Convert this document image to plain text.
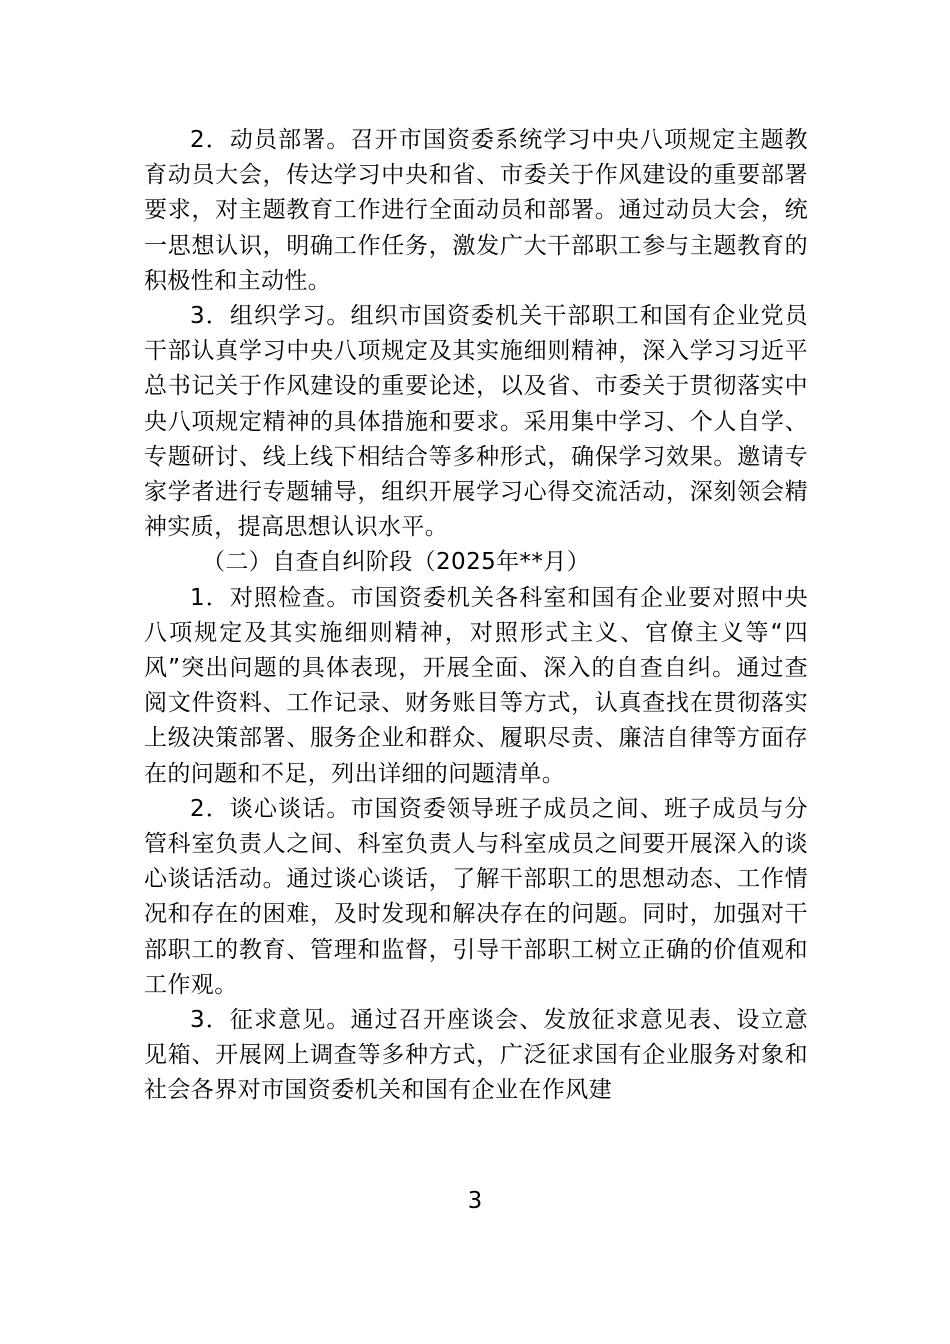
2．动员部署。召开市国资委系统学习中央八项规定主题教育动员大会，传达学习中央和省、市委关于作风建设的重要部署要求，对主题教育工作进行全面动员和部署。通过动员大会，统一思想认识，明确工作任务，激发广大干部职工参与主题教育的积极性和主动性。

3．组织学习。组织市国资委机关干部职工和国有企业党员干部认真学习中央八项规定及其实施细则精神，深入学习习近平总书记关于作风建设的重要论述，以及省、市委关于贯彻落实中央八项规定精神的具体措施和要求。采用集中学习、个人自学、专题研讨、线上线下相结合等多种形式，确保学习效果。邀请专家学者进行专题辅导，组织开展学习心得交流活动，深刻领会精神实质，提高思想认识水平。

（二）自查自纠阶段（2025年**月）

1．对照检查。市国资委机关各科室和国有企业要对照中央八项规定及其实施细则精神，对照形式主义、官僚主义等“四风”突出问题的具体表现，开展全面、深入的自查自纠。通过查阅文件资料、工作记录、财务账目等方式，认真查找在贯彻落实上级决策部署、服务企业和群众、履职尽责、廉洁自律等方面存在的问题和不足，列出详细的问题清单。

2．谈心谈话。市国资委领导班子成员之间、班子成员与分管科室负责人之间、科室负责人与科室成员之间要开展深入的谈心谈话活动。通过谈心谈话，了解干部职工的思想动态、工作情况和存在的困难，及时发现和解决存在的问题。同时，加强对干部职工的教育、管理和监督，引导干部职工树立正确的价值观和工作观。

3．征求意见。通过召开座谈会、发放征求意见表、设立意见箱、开展网上调查等多种方式，广泛征求国有企业服务对象和社会各界对市国资委机关和国有企业在作风建

3
